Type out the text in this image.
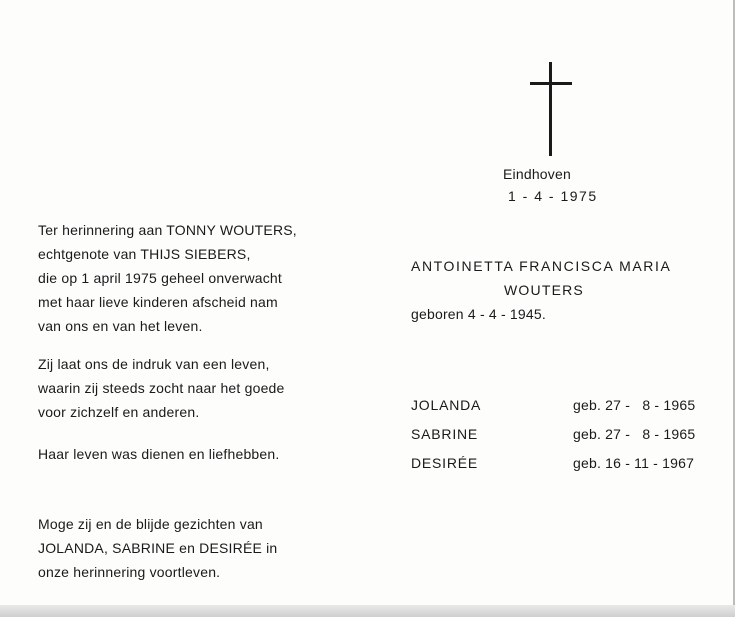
Eindhoven
1 - 4 - 1975
Ter herinnering aan TONNY WOUTERS,
echtgenote van THIJS SIEBERS,
die op 1 april 1975 geheel onverwacht
met haar lieve kinderen afscheid nam
van ons en van het leven.
Zij laat ons de indruk van een leven,
waarin zij steeds zocht naar het goede
voor zichzelf en anderen.
Haar leven was dienen en liefhebben.
Moge zij en de blijde gezichten van
JOLANDA, SABRINE en DESIRÉE in
onze herinnering voortleven.
ANTOINETTA FRANCISCA MARIA
WOUTERS
geboren 4 - 4 - 1945.
JOLANDA	geb. 27 -   8 - 1965
SABRINE	geb. 27 -   8 - 1965
DESIRÉE	geb. 16 - 11 - 1967
